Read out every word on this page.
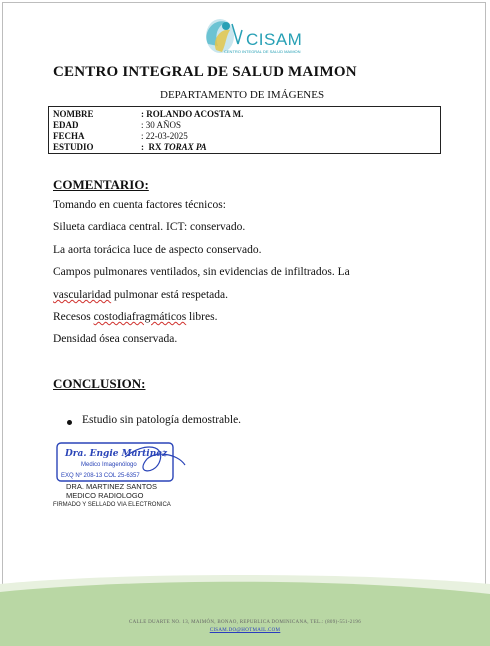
CISAM
CENTRO INTEGRAL DE SALUD MAIMON
CENTRO INTEGRAL DE SALUD MAIMON
DEPARTAMENTO DE IMÁGENES
NOMBRE	: ROLANDO ACOSTA M.
EDAD	: 30 AÑOS
FECHA	: 22-03-2025
ESTUDIO	:  RX TORAX PA
COMENTARIO:
Tomando en cuenta factores técnicos:
Silueta cardiaca central. ICT: conservado.
La aorta torácica luce de aspecto conservado.
Campos pulmonares ventilados, sin evidencias de infiltrados. La
vascularidad pulmonar está respetada.
Recesos costodiafragmáticos libres.
Densidad ósea conservada.
CONCLUSION:
Estudio sin patología demostrable.
Dra. Engie Martinez
Medico Imagenólogo
EXQ Nº 208-13 COL 25-6357
DRA. MARTINEZ SANTOS
MEDICO RADIOLOGO
FIRMADO Y SELLADO VIA ELECTRONICA
CALLE DUARTE NO. 13, MAIMÓN, BONAO, REPUBLICA DOMINICANA, TEL.: (809)-551-2196
CISAM.DO@HOTMAIL.COM
